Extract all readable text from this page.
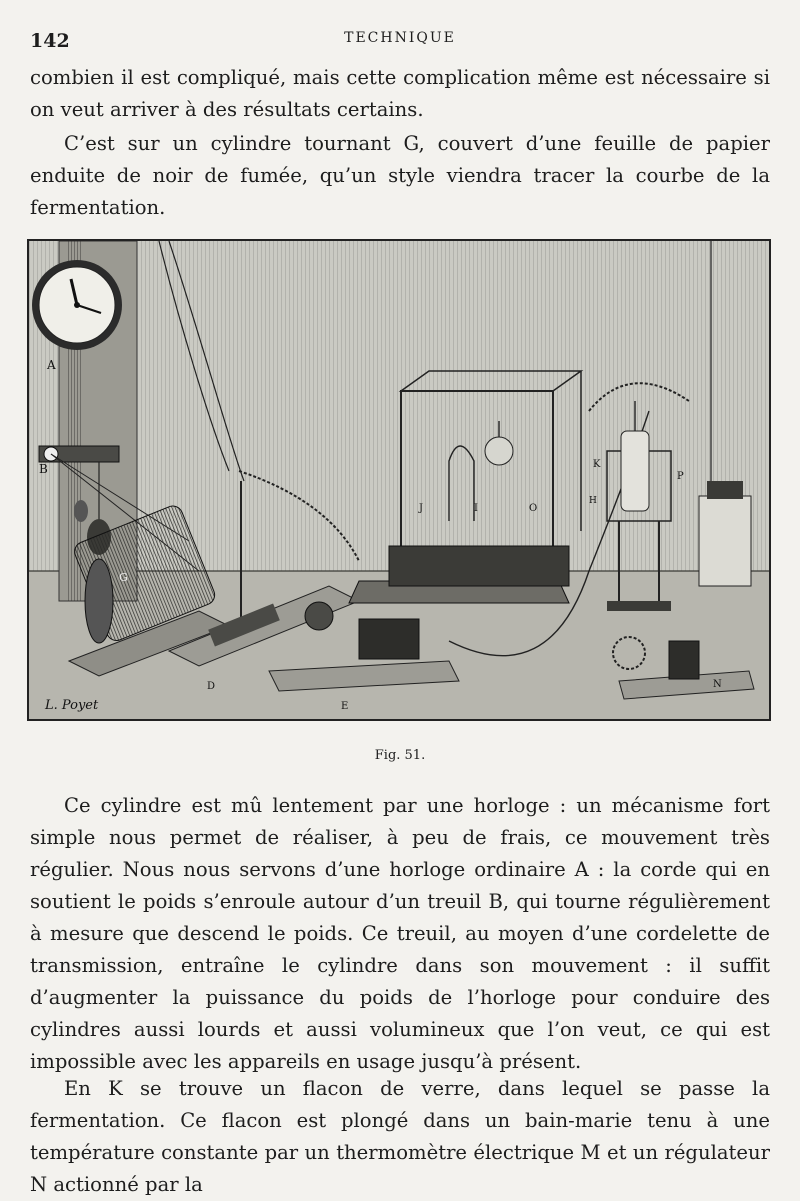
142	TECHNIQUE

combien il est compliqué, mais cette complication même est nécessaire si on veut arriver à des résultats certains.

C’est sur un cylindre tournant G, couvert d’une feuille de papier enduite de noir de fumée, qu’un style viendra tracer la courbe de la fermentation.

A
B
G
D
J	I	O
E
K
H
P
N
L. Poyet
Fig. 51.

Ce cylindre est mû lentement par une horloge : un mécanisme fort simple nous permet de réaliser, à peu de frais, ce mouvement très régulier. Nous nous servons d’une horloge ordinaire A : la corde qui en soutient le poids s’enroule autour d’un treuil B, qui tourne régulièrement à mesure que descend le poids. Ce treuil, au moyen d’une cordelette de transmission, entraîne le cylindre dans son mouvement : il suffit d’augmenter la puissance du poids de l’horloge pour conduire des cylindres aussi lourds et aussi volumineux que l’on veut, ce qui est impossible avec les appareils en usage jusqu’à présent.

En K se trouve un flacon de verre, dans lequel se passe la fermentation. Ce flacon est plongé dans un bain-marie tenu à une température constante par un thermomètre électrique M et un régulateur N actionné par la
